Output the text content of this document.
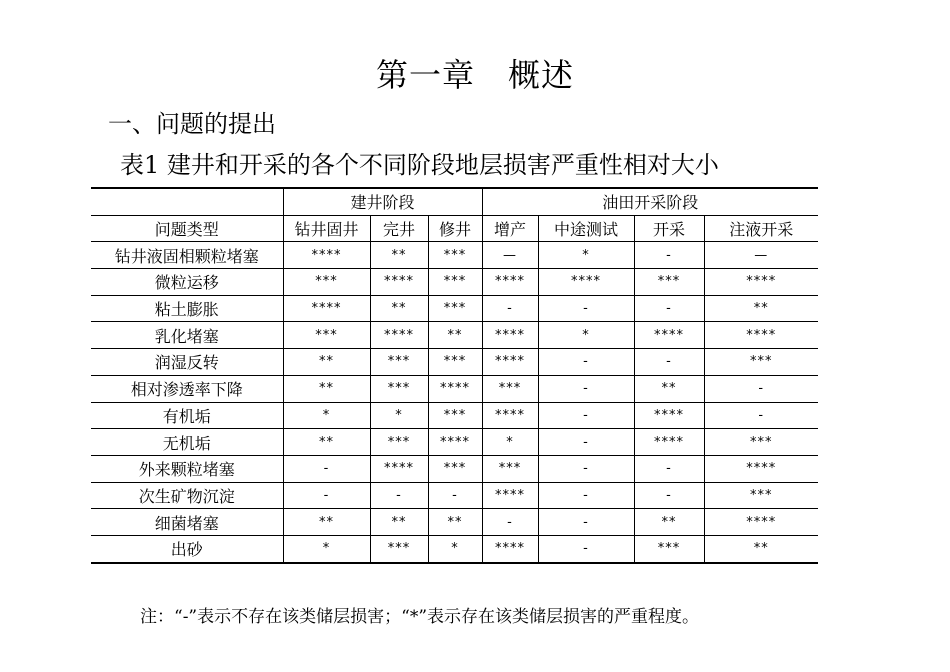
第一章　概述
一、问题的提出
表1 建井和开采的各个不同阶段地层损害严重性相对大小
	建井阶段			油田开采阶段			
问题类型	钻井固井	完井	修井	增产	中途测试	开采	注液开采
钻井液固相颗粒堵塞	****	**	***	—	*	-	—
微粒运移	***	****	***	****	****	***	****
粘土膨胀	****	**	***	-	-	-	**
乳化堵塞	***	****	**	****	*	****	****
润湿反转	**	***	***	****	-	-	***
相对渗透率下降	**	***	****	***	-	**	-
有机垢	*	*	***	****	-	****	-
无机垢	**	***	****	*	-	****	***
外来颗粒堵塞	-	****	***	***	-	-	****
次生矿物沉淀	-	-	-	****	-	-	***
细菌堵塞	**	**	**	-	-	**	****
出砂	*	***	*	****	-	***	**
注：“-”表示不存在该类储层损害；“*”表示存在该类储层损害的严重程度。
